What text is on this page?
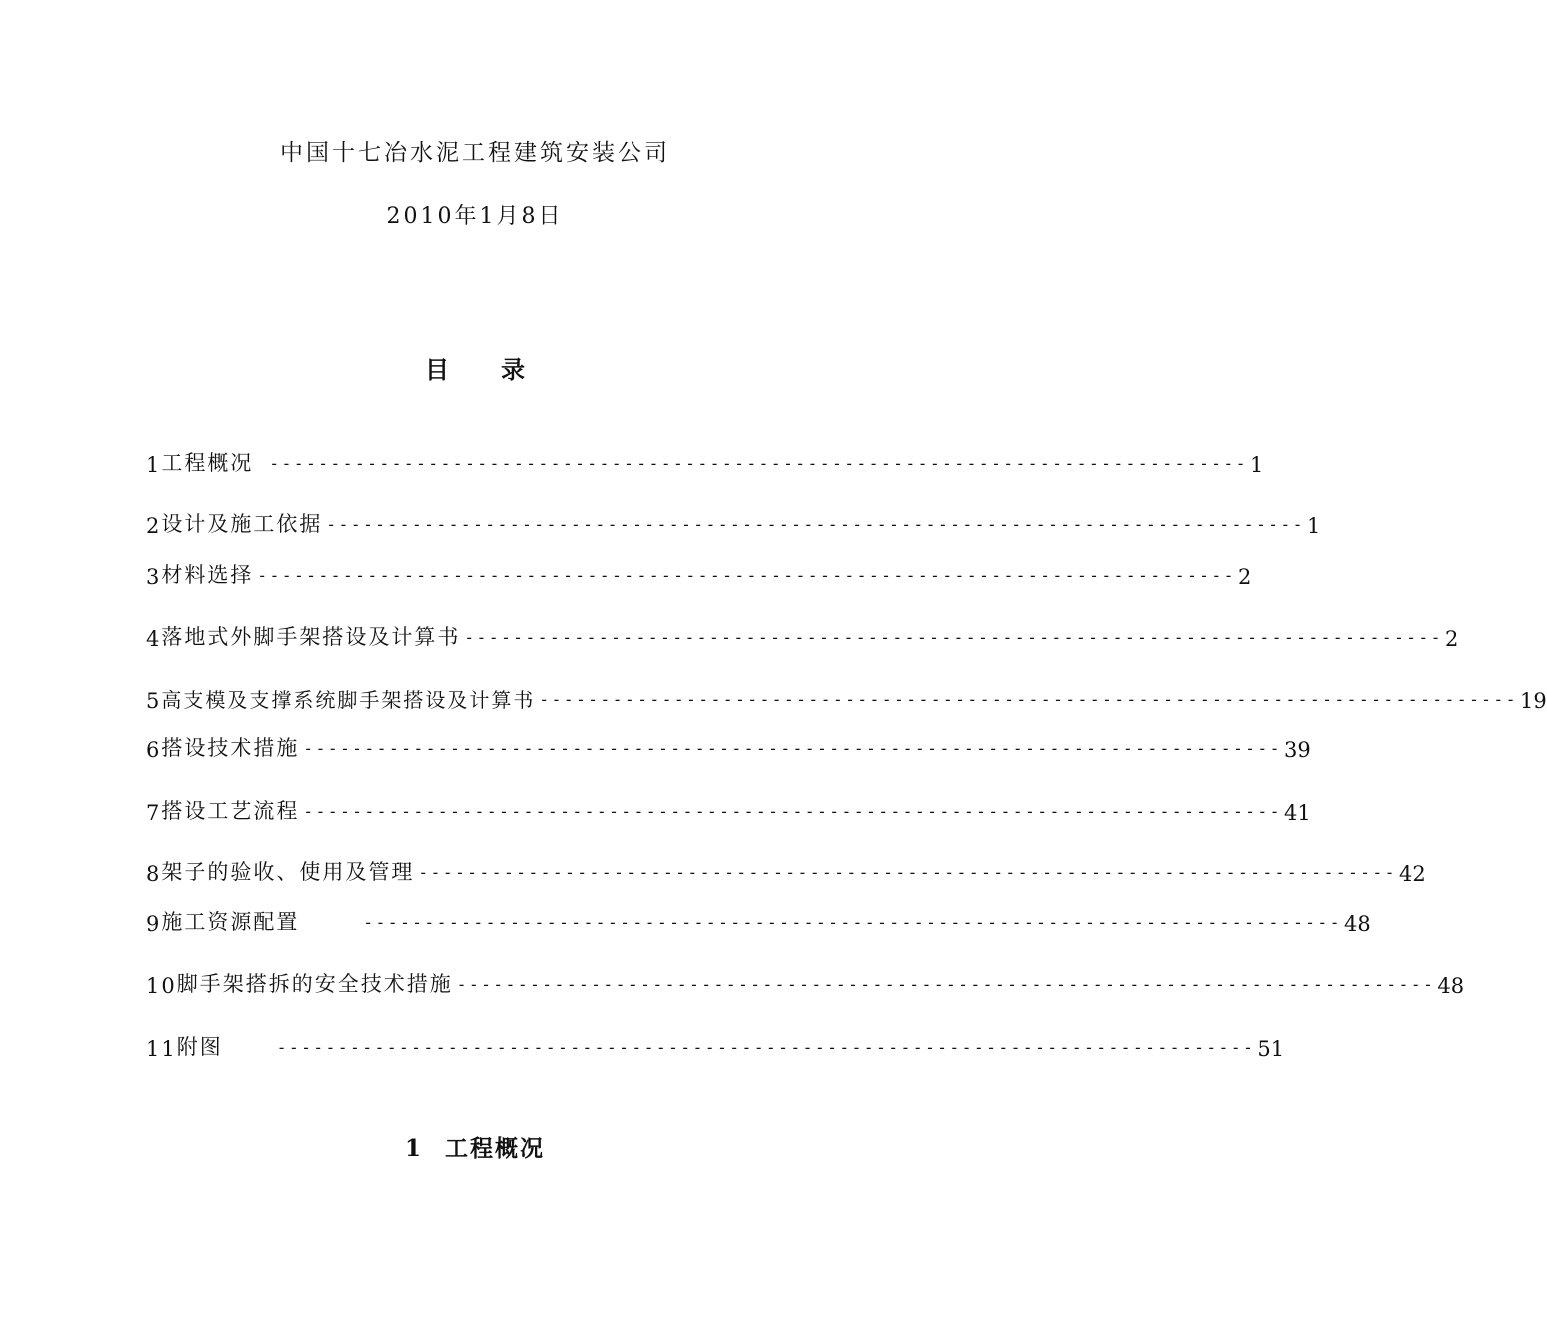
中国十七冶水泥工程建筑安装公司
2010年1月8日
目录
1 工程概况 -------------------------------------------------------------------------------- 1
2 设计及施工依据 -------------------------------------------------------------------------------- 1
3 材料选择 -------------------------------------------------------------------------------- 2
4 落地式外脚手架搭设及计算书 -------------------------------------------------------------------------------- 2
5 高支模及支撑系统脚手架搭设及计算书 -------------------------------------------------------------------------------- 19
6 搭设技术措施 -------------------------------------------------------------------------------- 39
7 搭设工艺流程 -------------------------------------------------------------------------------- 41
8 架子的验收、使用及管理 -------------------------------------------------------------------------------- 42
9 施工资源配置	-------------------------------------------------------------------------------- 48
10 脚手架搭拆的安全技术措施 -------------------------------------------------------------------------------- 48
11 附图	-------------------------------------------------------------------------------- 51
1 工程概况
